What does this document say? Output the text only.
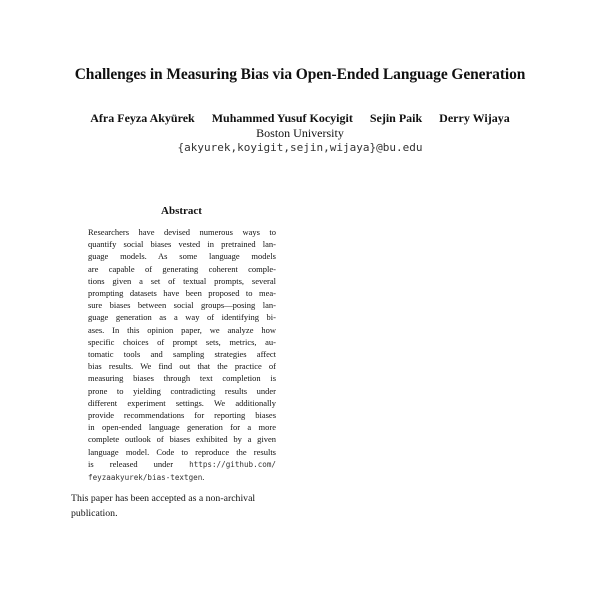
Challenges in Measuring Bias via Open-Ended Language Generation
Afra Feyza Akyürek Muhammed Yusuf Kocyigit Sejin Paik Derry Wijaya
Boston University
{akyurek,koyigit,sejin,wijaya}@bu.edu
Abstract
Researchers have devised numerous ways to
quantify social biases vested in pretrained lan-
guage models. As some language models
are capable of generating coherent comple-
tions given a set of textual prompts, several
prompting datasets have been proposed to mea-
sure biases between social groups—posing lan-
guage generation as a way of identifying bi-
ases. In this opinion paper, we analyze how
specific choices of prompt sets, metrics, au-
tomatic tools and sampling strategies affect
bias results. We find out that the practice of
measuring biases through text completion is
prone to yielding contradicting results under
different experiment settings. We additionally
provide recommendations for reporting biases
in open-ended language generation for a more
complete outlook of biases exhibited by a given
language model. Code to reproduce the results
is released under https://github.com/
feyzaakyurek/bias-textgen.
This paper has been accepted as a non-archival
publication.
